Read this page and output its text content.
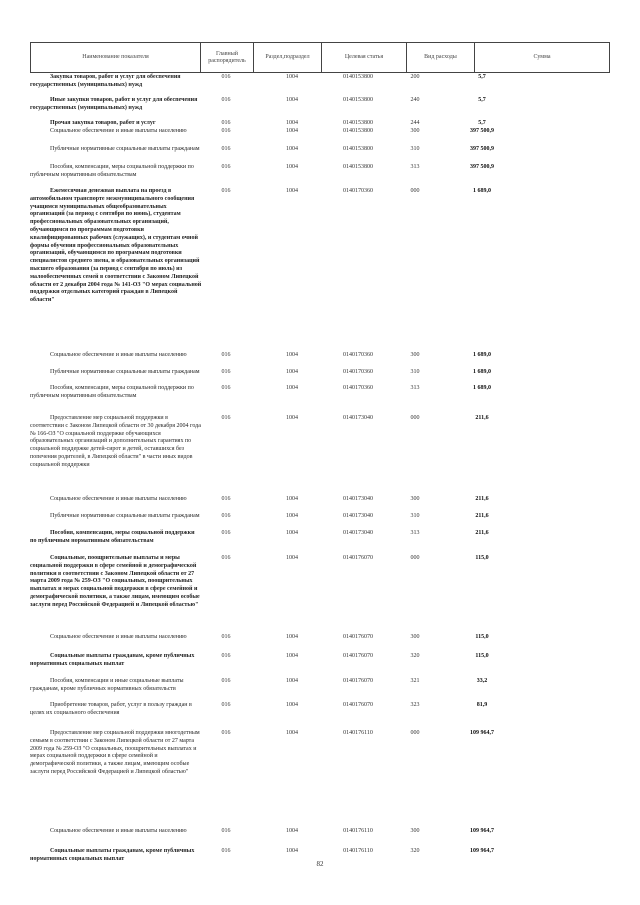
Наименование показателя
Главный распорядитель
Раздел,подраздел	Целевая статья	Вид расходы	Сумма
Закупка товаров, работ и услуг для обеспечения государственных (муниципальных) нужд
016	1004	0140153800	200	5,7
Иные закупки товаров, работ и услуг для обеспечения государственных (муниципальных) нужд
016	1004	0140153800	240	5,7
Прочая закупка товаров, работ и услуг	016	1004	0140153800	244	5,7
Социальное обеспечение и иные выплаты населению	016	1004	0140153800	300	397 500,9
Публичные нормативные социальные выплаты гражданам	016	1004	0140153800	310	397 500,9
Пособия, компенсации, меры социальной поддержки по публичным нормативным обязательствам
016	1004	0140153800	313	397 500,9
Ежемесячная денежная выплата на проезд в автомобильном транспорте межмуниципального сообщения учащимся муниципальных общеобразовательных организаций (за период с сентября по июнь), студентам профессиональных образовательных организаций, обучающимся по программам подготовки квалифицированных рабочих (служащих), и студентам очной формы обучения профессиональных образовательных организаций, обучающимся по программам подготовки специалистов среднего звена, и образовательных организаций высшего образования (за период с сентября по июль) из малообеспеченных семей в соответствии с Законом Липецкой области от 2 декабря 2004 года № 141-ОЗ "О мерах социальной поддержки отдельных категорий граждан в Липецкой области"
016	1004	0140170360	000	1 689,0
Социальное обеспечение и иные выплаты населению	016	1004	0140170360	300	1 689,0
Публичные нормативные социальные выплаты гражданам	016	1004	0140170360	310	1 689,0
Пособия, компенсации, меры социальной поддержки по публичным нормативным обязательствам
016	1004	0140170360	313	1 689,0
Предоставление мер социальной поддержки в соответствии с Законом Липецкой области от 30 декабря 2004 года № 166-ОЗ "О социальной поддержке обучающихся образовательных организаций и дополнительных гарантиях по социальной поддержке детей-сирот и детей, оставшихся без попечения родителей, в Липецкой области" в части иных видов социальной поддержки
016	1004	0140173040	000	211,6
Социальное обеспечение и иные выплаты населению	016	1004	0140173040	300	211,6
Публичные нормативные социальные выплаты гражданам	016	1004	0140173040	310	211,6
Пособия, компенсации, меры социальной поддержки по публичным нормативным обязательствам
016	1004	0140173040	313	211,6
Социальные, поощрительные выплаты и меры социальной поддержки в сфере семейной и демографической политики в соответствии с Законом Липецкой области от 27 марта 2009 года № 259-ОЗ "О социальных, поощрительных выплатах и мерах социальной поддержки в сфере семейной и демографической политики, а также лицам, имеющим особые заслуги перед Российской Федерацией и Липецкой областью"
016	1004	0140176070	000	115,0
Социальное обеспечение и иные выплаты населению	016	1004	0140176070	300	115,0
Социальные выплаты гражданам, кроме публичных нормативных социальных выплат
016	1004	0140176070	320	115,0
Пособия, компенсации и иные социальные выплаты гражданам, кроме публичных нормативных обязательств
016	1004	0140176070	321	33,2
Приобретение товаров, работ, услуг в пользу граждан в целях их социального обеспечения
016	1004	0140176070	323	81,9
Предоставление мер социальной поддержки многодетным семьям в соответствии с Законом Липецкой области от 27 марта 2009 года № 259-ОЗ "О социальных, поощрительных выплатах и мерах социальной поддержки в сфере семейной и демографической политики, а также лицам, имеющим особые заслуги перед Российской Федерацией и Липецкой областью"
016	1004	0140176110	000	109 964,7
Социальное обеспечение и иные выплаты населению	016	1004	0140176110	300	109 964,7
Социальные выплаты гражданам, кроме публичных нормативных социальных выплат
016	1004	0140176110	320	109 964,7
82
